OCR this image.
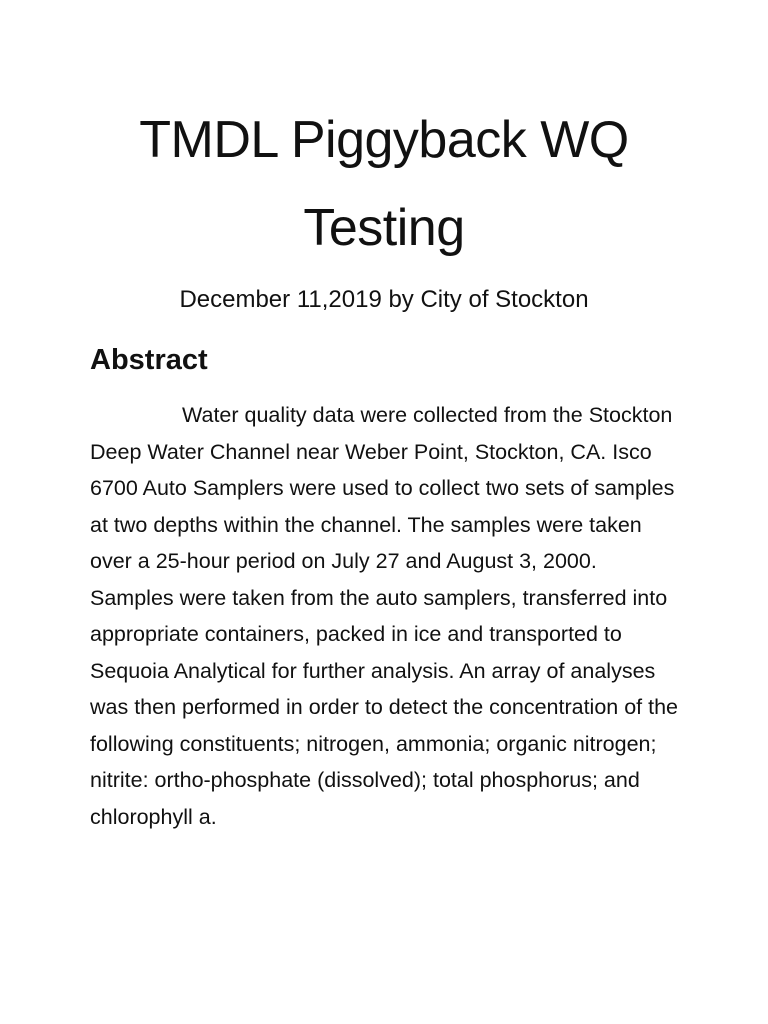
TMDL Piggyback WQ Testing

December 11,2019 by City of Stockton

Abstract

Water quality data were collected from the Stockton Deep Water Channel near Weber Point, Stockton, CA. Isco 6700 Auto Samplers were used to collect two sets of samples at two depths within the channel. The samples were taken over a 25-hour period on July 27 and August 3, 2000. Samples were taken from the auto samplers, transferred into appropriate containers, packed in ice and transported to Sequoia Analytical for further analysis. An array of analyses was then performed in order to detect the concentration of the following constituents; nitrogen, ammonia; organic nitrogen; nitrite: ortho-phosphate (dissolved); total phosphorus; and chlorophyll a.
